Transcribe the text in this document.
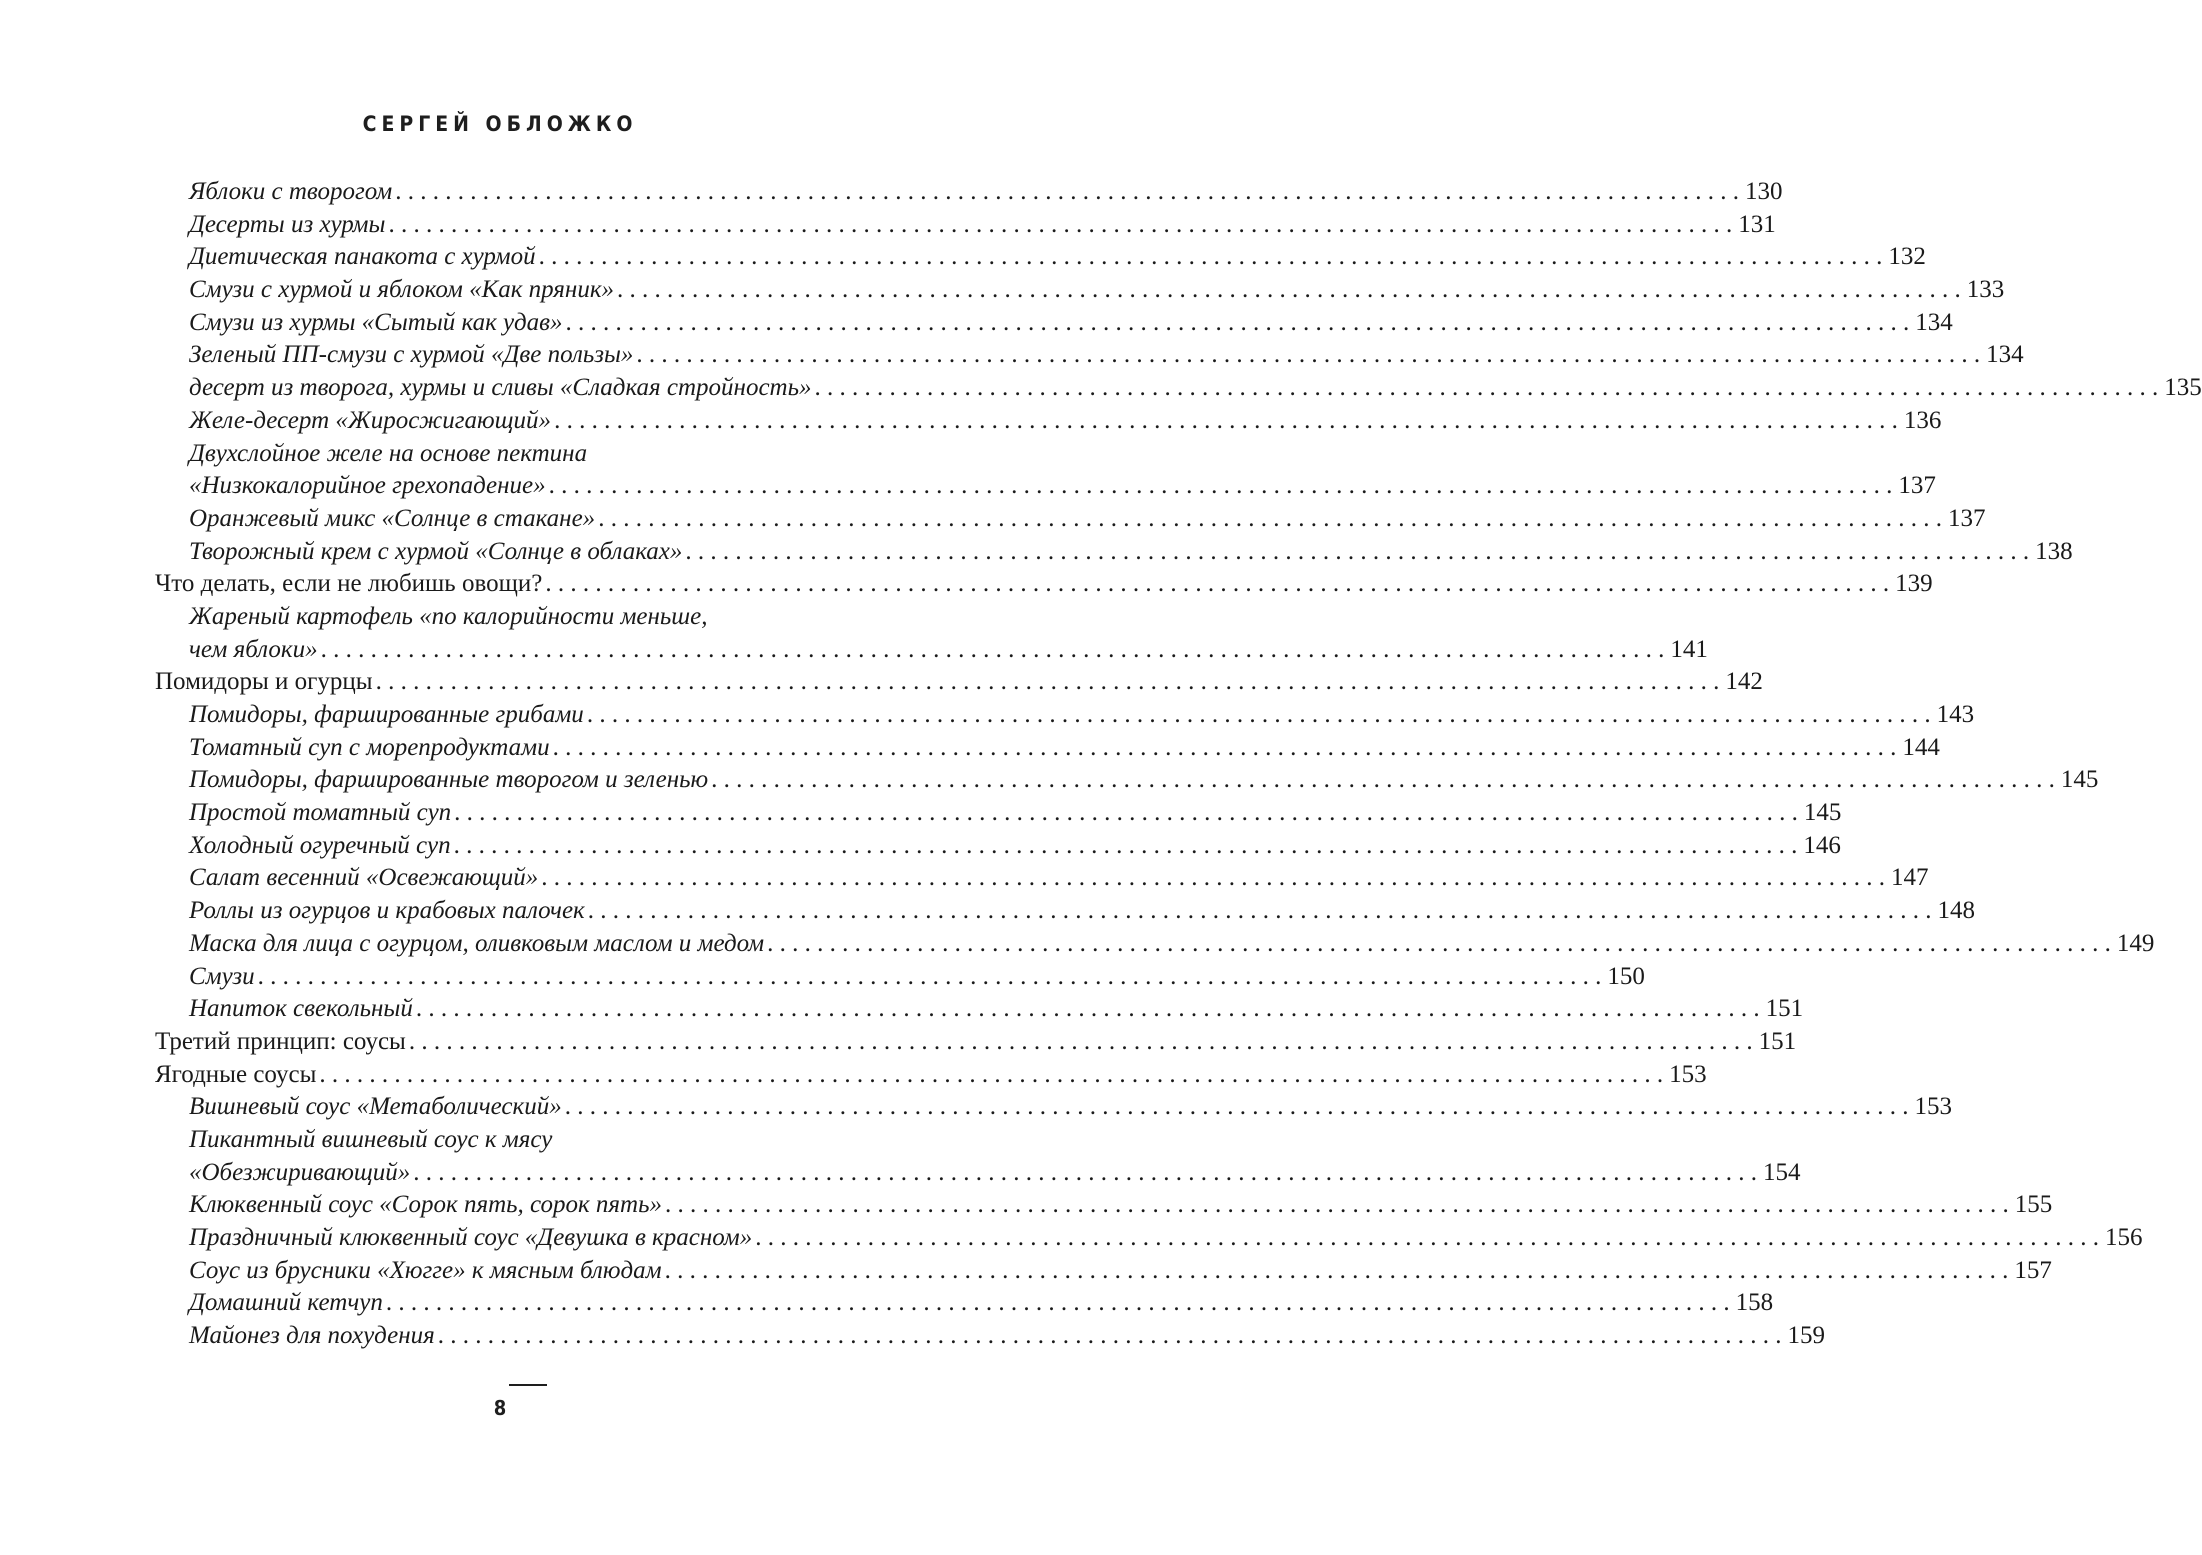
СЕРГЕЙ ОБЛОЖКО
Яблоки с творогом . . .	130
Десерты из хурмы . . .	131
Диетическая панакота с хурмой . . .	132
Смузи с хурмой и яблоком «Как пряник» . . .	133
Смузи из хурмы «Сытый как удав» . . .	134
Зеленый ПП-смузи с хурмой «Две пользы» . . .	134
десерт из творога, хурмы и сливы «Сладкая стройность» . . .	135
Желе-десерт «Жиросжигающий» . . .	136
Двухслойное желе на основе пектина
«Низкокалорийное грехопадение» . . .	137
Оранжевый микс «Солнце в стакане» . . .	137
Творожный крем с хурмой «Солнце в облаках» . . .	138
Что делать, если не любишь овощи? . . .	139
Жареный картофель «по калорийности меньше,
чем яблоки» . . .	141
Помидоры и огурцы . . .	142
Помидоры, фаршированные грибами . . .	143
Томатный суп с морепродуктами . . .	144
Помидоры, фаршированные творогом и зеленью . . .	145
Простой томатный суп . . .	145
Холодный огуречный суп . . .	146
Салат весенний «Освежающий» . . .	147
Роллы из огурцов и крабовых палочек . . .	148
Маска для лица с огурцом, оливковым маслом и медом . . .	149
Смузи . . .	150
Напиток свекольный . . .	151
Третий принцип: соусы . . .	151
Ягодные соусы . . .	153
Вишневый соус «Метаболический» . . .	153
Пикантный вишневый соус к мясу
«Обезжиривающий» . . .	154
Клюквенный соус «Сорок пять, сорок пять» . . .	155
Праздничный клюквенный соус «Девушка в красном» . . .	156
Соус из брусники «Хюгге» к мясным блюдам . . .	157
Домашний кетчуп . . .	158
Майонез для похудения . . .	159
8
